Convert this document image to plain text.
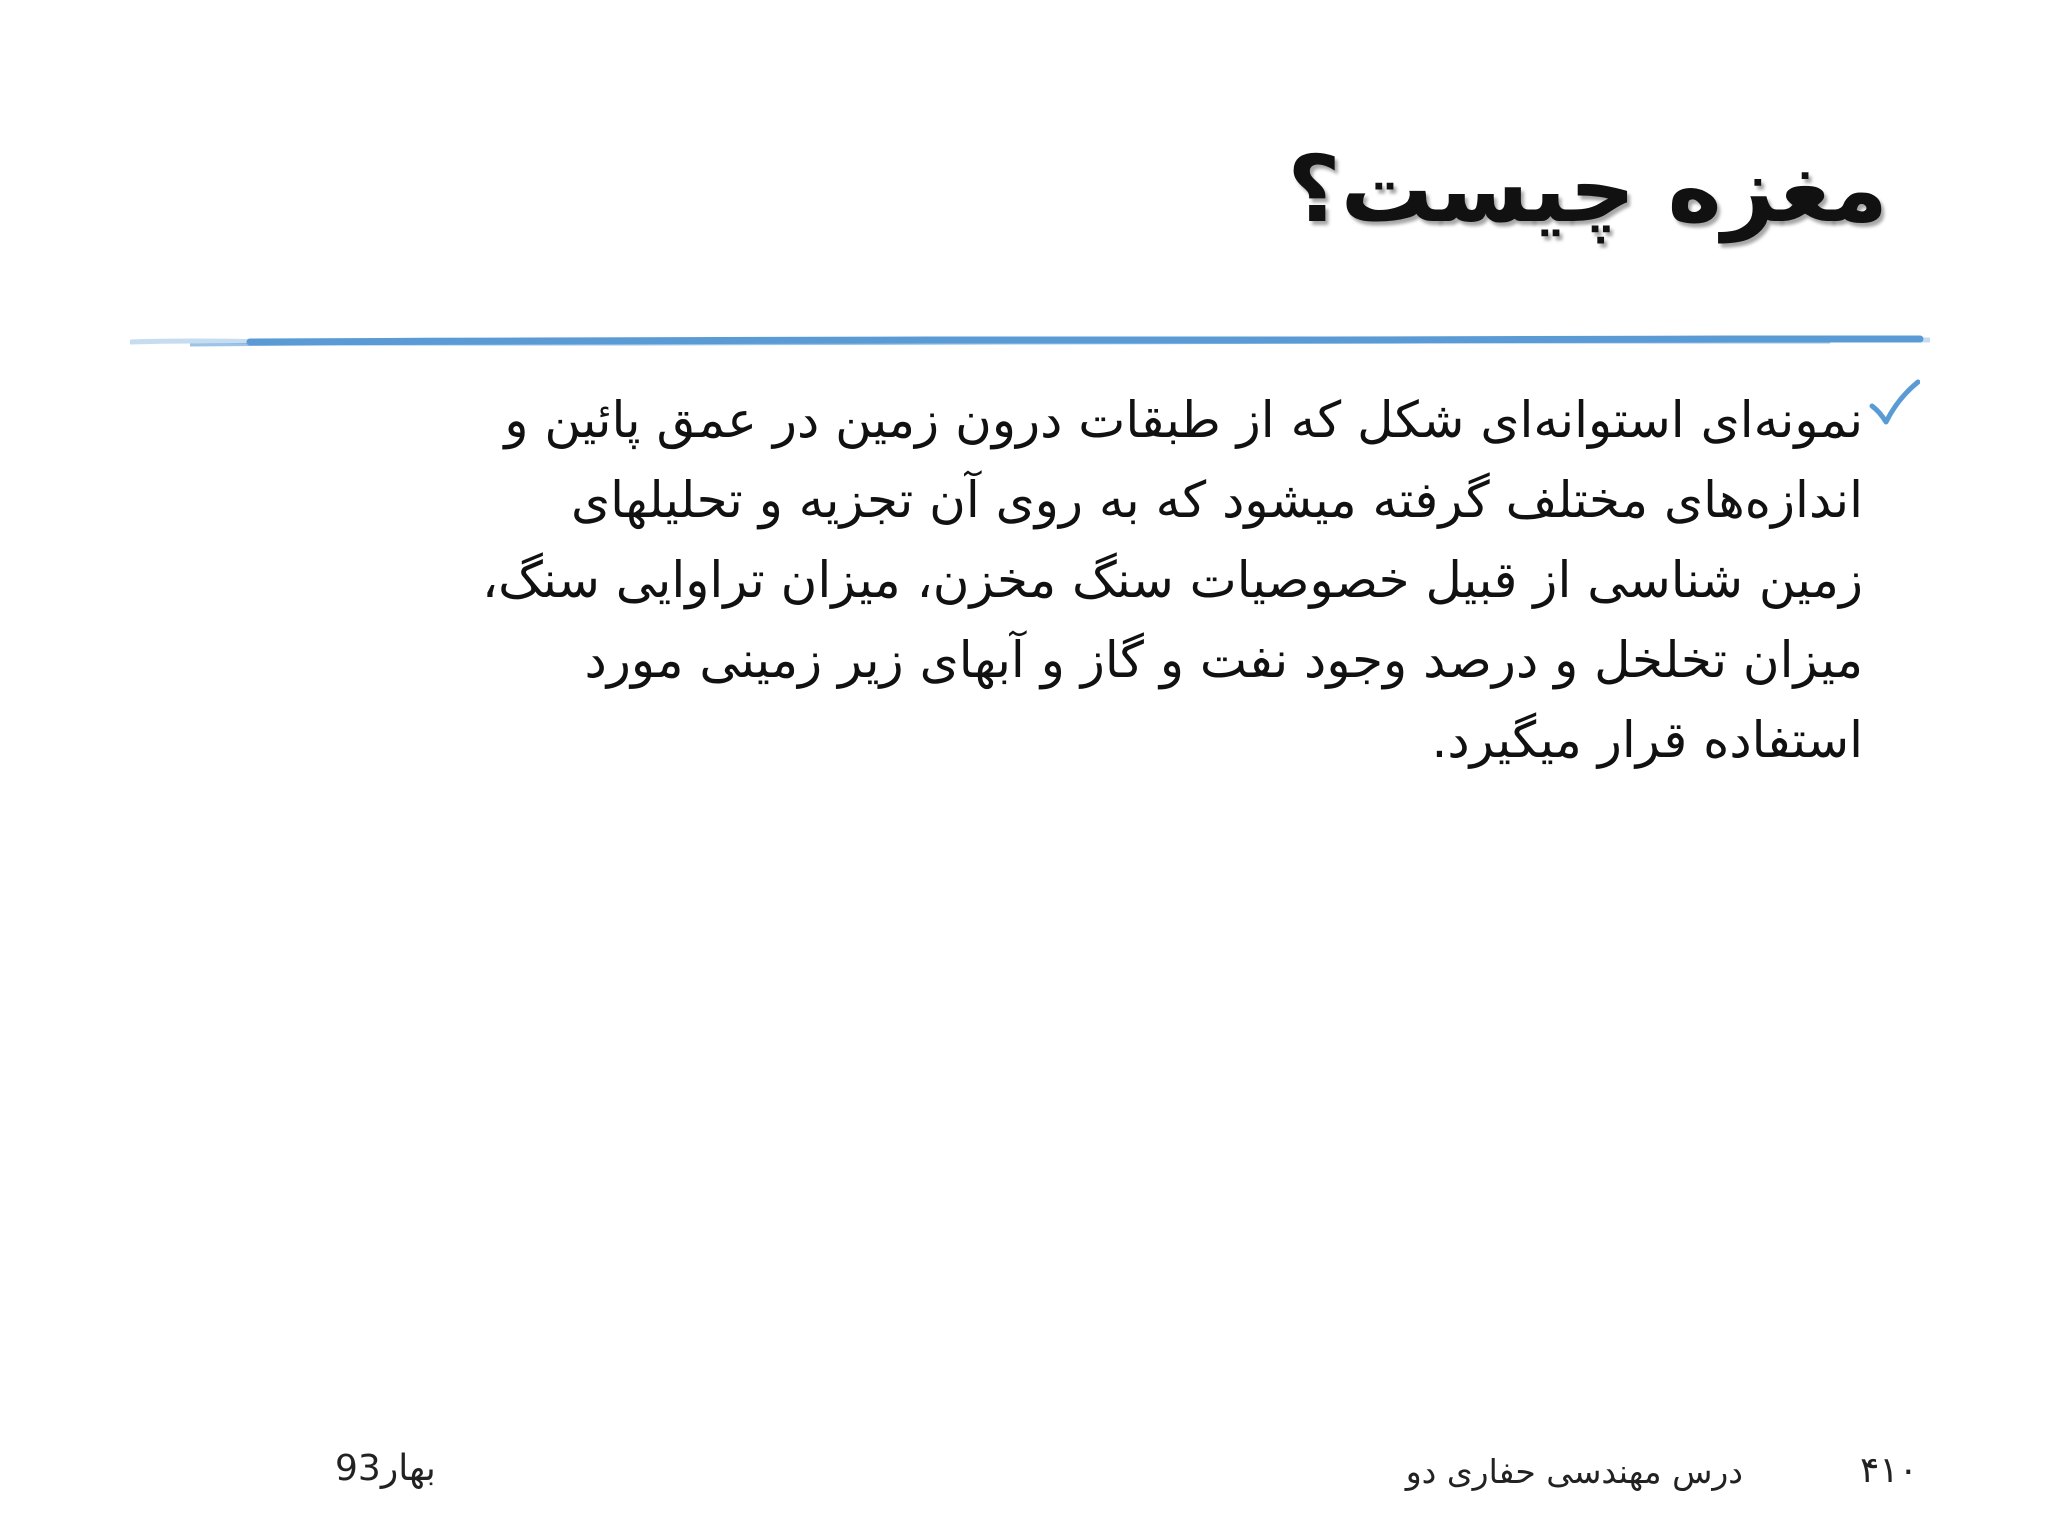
مغزه چیست؟
نمونه‌ای استوانه‌ای شکل که از طبقات درون زمین در عمق پائین و
اندازه‌های مختلف گرفته میشود که به روی آن تجزیه و تحلیلهای
زمین شناسی از قبیل خصوصیات سنگ مخزن، میزان تراوایی سنگ،
میزان تخلخل و درصد وجود نفت و گاز و آبهای زیر زمینی مورد
استفاده قرار میگیرد.
۴۱۰
درس مهندسی حفاری دو
بهار93
